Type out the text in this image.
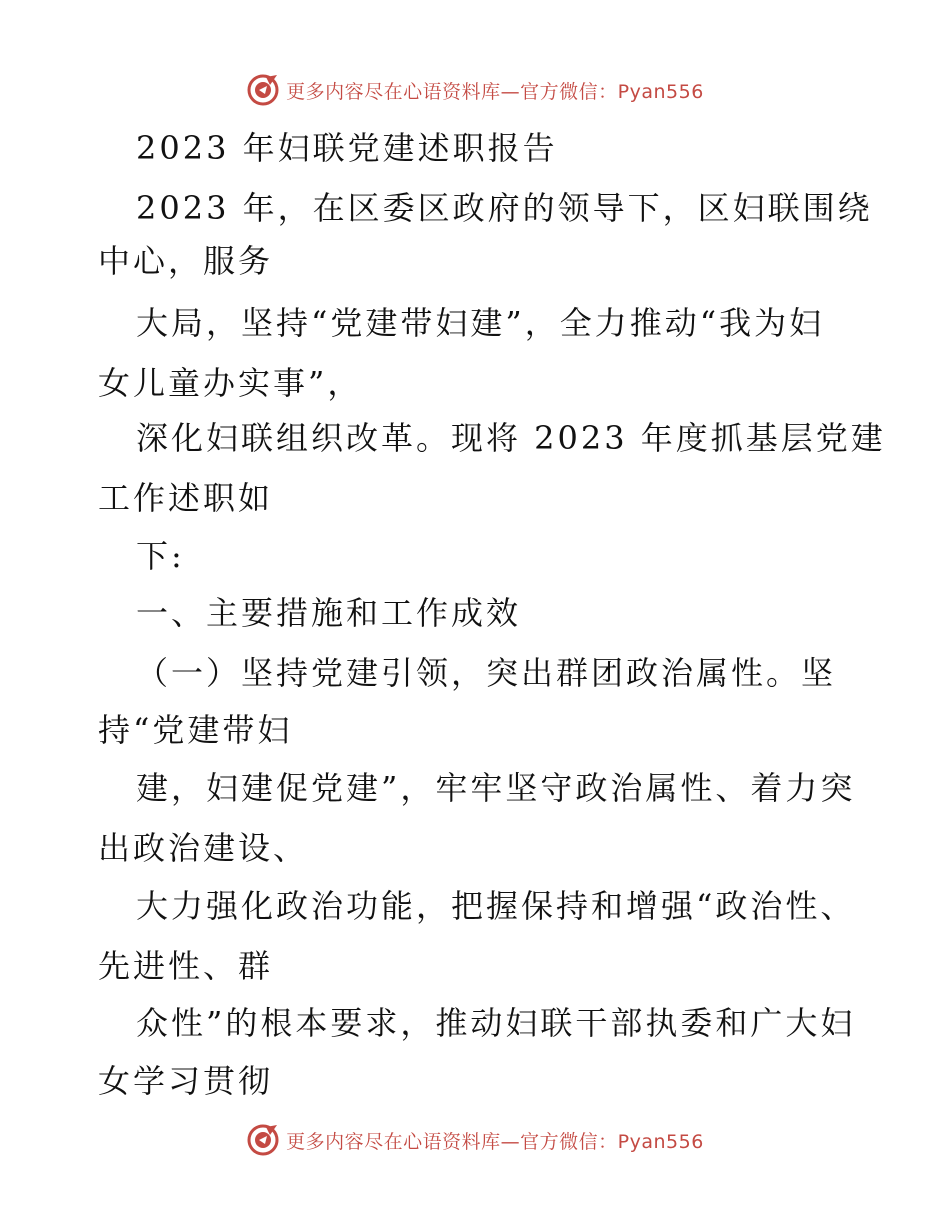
更多内容尽在心语资料库—官方微信：Pyan556
2023 年妇联党建述职报告
2023 年，在区委区政府的领导下，区妇联围绕
中心，服务
大局，坚持“党建带妇建”，全力推动“我为妇
女儿童办实事”，
深化妇联组织改革。现将 2023 年度抓基层党建
工作述职如
下:
一、主要措施和工作成效
（一）坚持党建引领，突出群团政治属性。坚
持“党建带妇
建，妇建促党建”，牢牢坚守政治属性、着力突
出政治建设、
大力强化政治功能，把握保持和增强“政治性、
先进性、群
众性”的根本要求，推动妇联干部执委和广大妇
女学习贯彻
更多内容尽在心语资料库—官方微信：Pyan556
